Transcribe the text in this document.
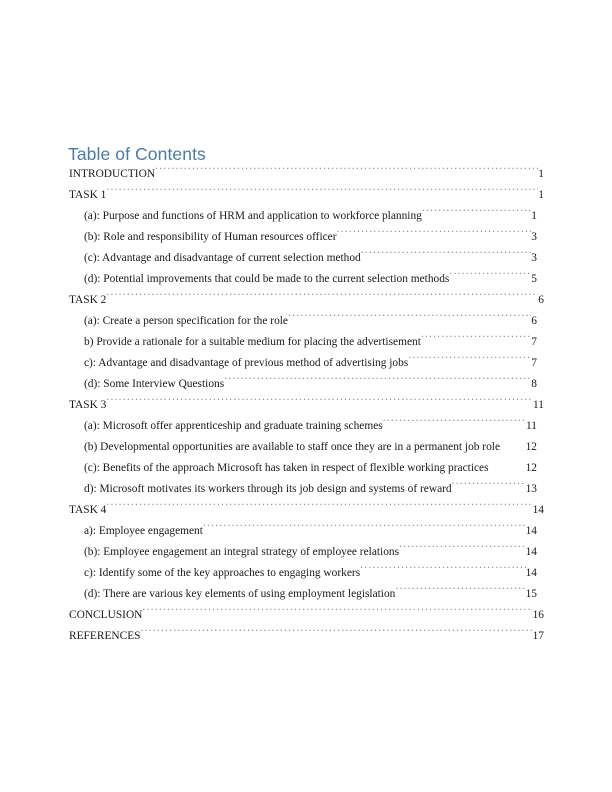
Table of Contents
INTRODUCTION .....	1
TASK 1 .....	1
(a): Purpose and functions of HRM and application to workforce planning .....	1
(b): Role and responsibility of Human resources officer .....	3
(c): Advantage and disadvantage of current selection method .....	3
(d): Potential improvements that could be made to the current selection methods .....	5
TASK 2 .....	6
(a): Create a person specification for the role .....	6
b) Provide a rationale for a suitable medium for placing the advertisement .....	7
c): Advantage and disadvantage of previous method of advertising jobs .....	7
(d): Some Interview Questions .....	8
TASK 3 .....	11
(a): Microsoft offer apprenticeship and graduate training schemes .....	11
(b) Developmental opportunities are available to staff once they are in a permanent job role 12
(c): Benefits of the approach Microsoft has taken in respect of flexible working practices	12
d): Microsoft motivates its workers through its job design and systems of reward .....	13
TASK 4 .....	14
a): Employee engagement .....	14
(b): Employee engagement an integral strategy of employee relations .....	14
c): Identify some of the key approaches to engaging workers .....	14
(d): There are various key elements of using employment legislation .....	15
CONCLUSION .....	16
REFERENCES .....	17
